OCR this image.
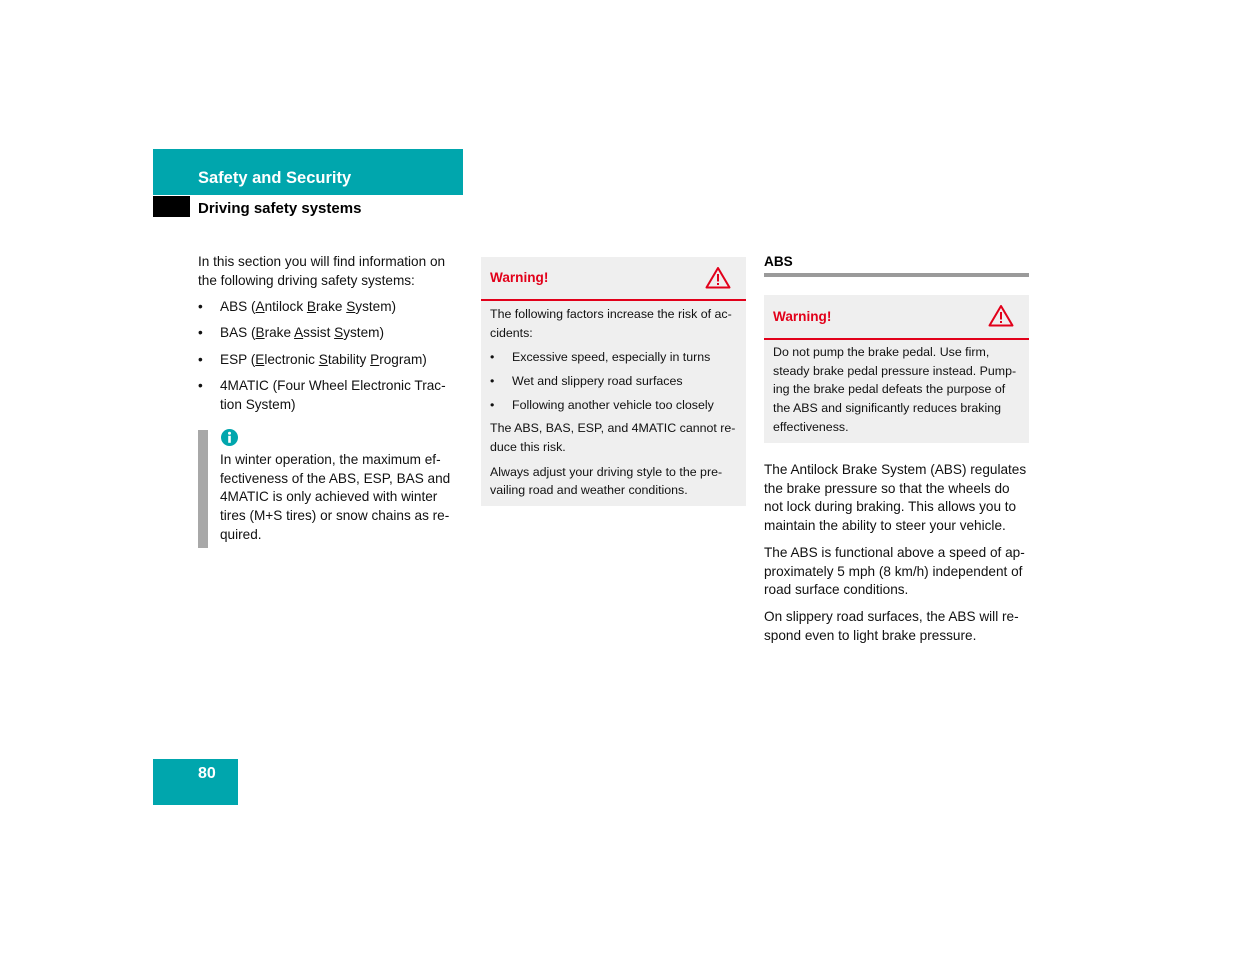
Safety and Security
Driving safety systems

In this section you will find information on the following driving safety systems:

• ABS (Antilock Brake System)
• BAS (Brake Assist System)
• ESP (Electronic Stability Program)
• 4MATIC (Four Wheel Electronic Trac-tion System)

In winter operation, the maximum ef-fectiveness of the ABS, ESP, BAS and 4MATIC is only achieved with winter tires (M+S tires) or snow chains as re-quired.

Warning!

The following factors increase the risk of ac-cidents:

• Excessive speed, especially in turns
• Wet and slippery road surfaces
• Following another vehicle too closely

The ABS, BAS, ESP, and 4MATIC cannot re-duce this risk.

Always adjust your driving style to the pre-vailing road and weather conditions.

ABS
Warning!

Do not pump the brake pedal. Use firm, steady brake pedal pressure instead. Pump-ing the brake pedal defeats the purpose of the ABS and significantly reduces braking effectiveness.

The Antilock Brake System (ABS) regulates the brake pressure so that the wheels do not lock during braking. This allows you to maintain the ability to steer your vehicle.

The ABS is functional above a speed of ap-proximately 5 mph (8 km/h) independent of road surface conditions.

On slippery road surfaces, the ABS will re-spond even to light brake pressure.

80
